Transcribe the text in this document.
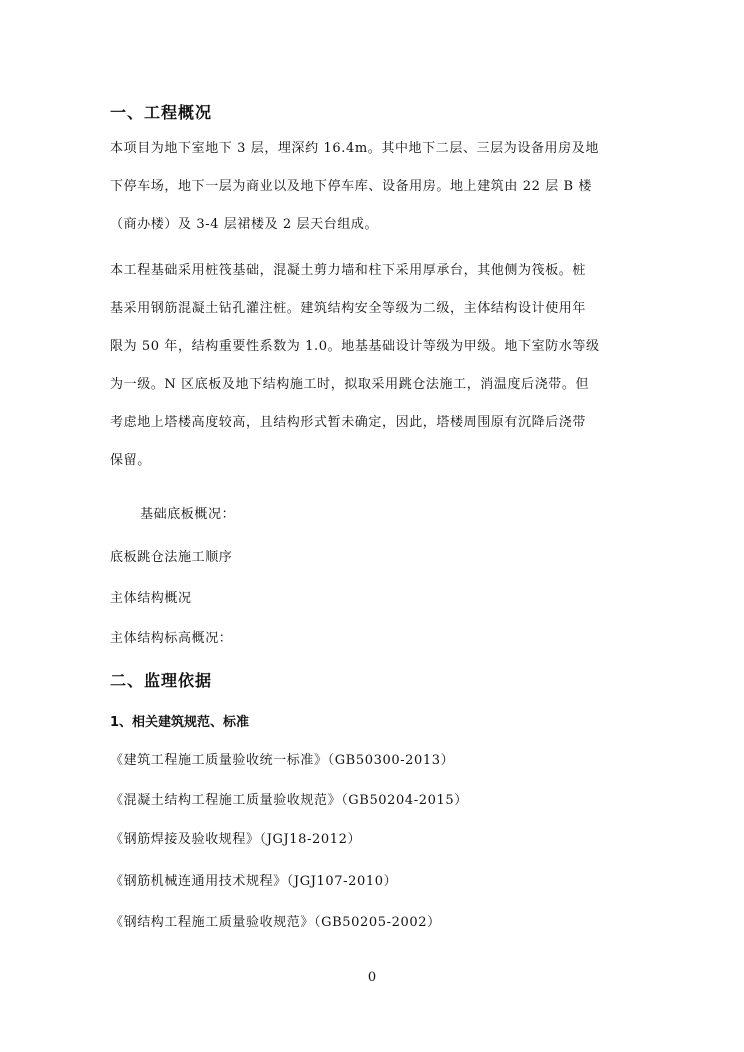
一、工程概况
本项目为地下室地下 3 层，埋深约 16.4m。其中地下二层、三层为设备用房及地
下停车场，地下一层为商业以及地下停车库、设备用房。地上建筑由 22 层 B 楼
（商办楼）及 3-4 层裙楼及 2 层天台组成。
本工程基础采用桩筏基础，混凝土剪力墙和柱下采用厚承台，其他侧为筏板。桩
基采用钢筋混凝土钻孔灌注桩。建筑结构安全等级为二级，主体结构设计使用年
限为 50 年，结构重要性系数为 1.0。地基基础设计等级为甲级。地下室防水等级
为一级。N 区底板及地下结构施工时，拟取采用跳仓法施工，消温度后浇带。但
考虑地上塔楼高度较高，且结构形式暂未确定，因此，塔楼周围原有沉降后浇带
保留。
基础底板概况：
底板跳仓法施工顺序
主体结构概况
主体结构标高概况：
二、监理依据
1、相关建筑规范、标准
《建筑工程施工质量验收统一标准》（GB50300-2013）
《混凝土结构工程施工质量验收规范》（GB50204-2015）
《钢筋焊接及验收规程》（JGJ18-2012）
《钢筋机械连通用技术规程》（JGJ107-2010）
《钢结构工程施工质量验收规范》（GB50205-2002）
0
